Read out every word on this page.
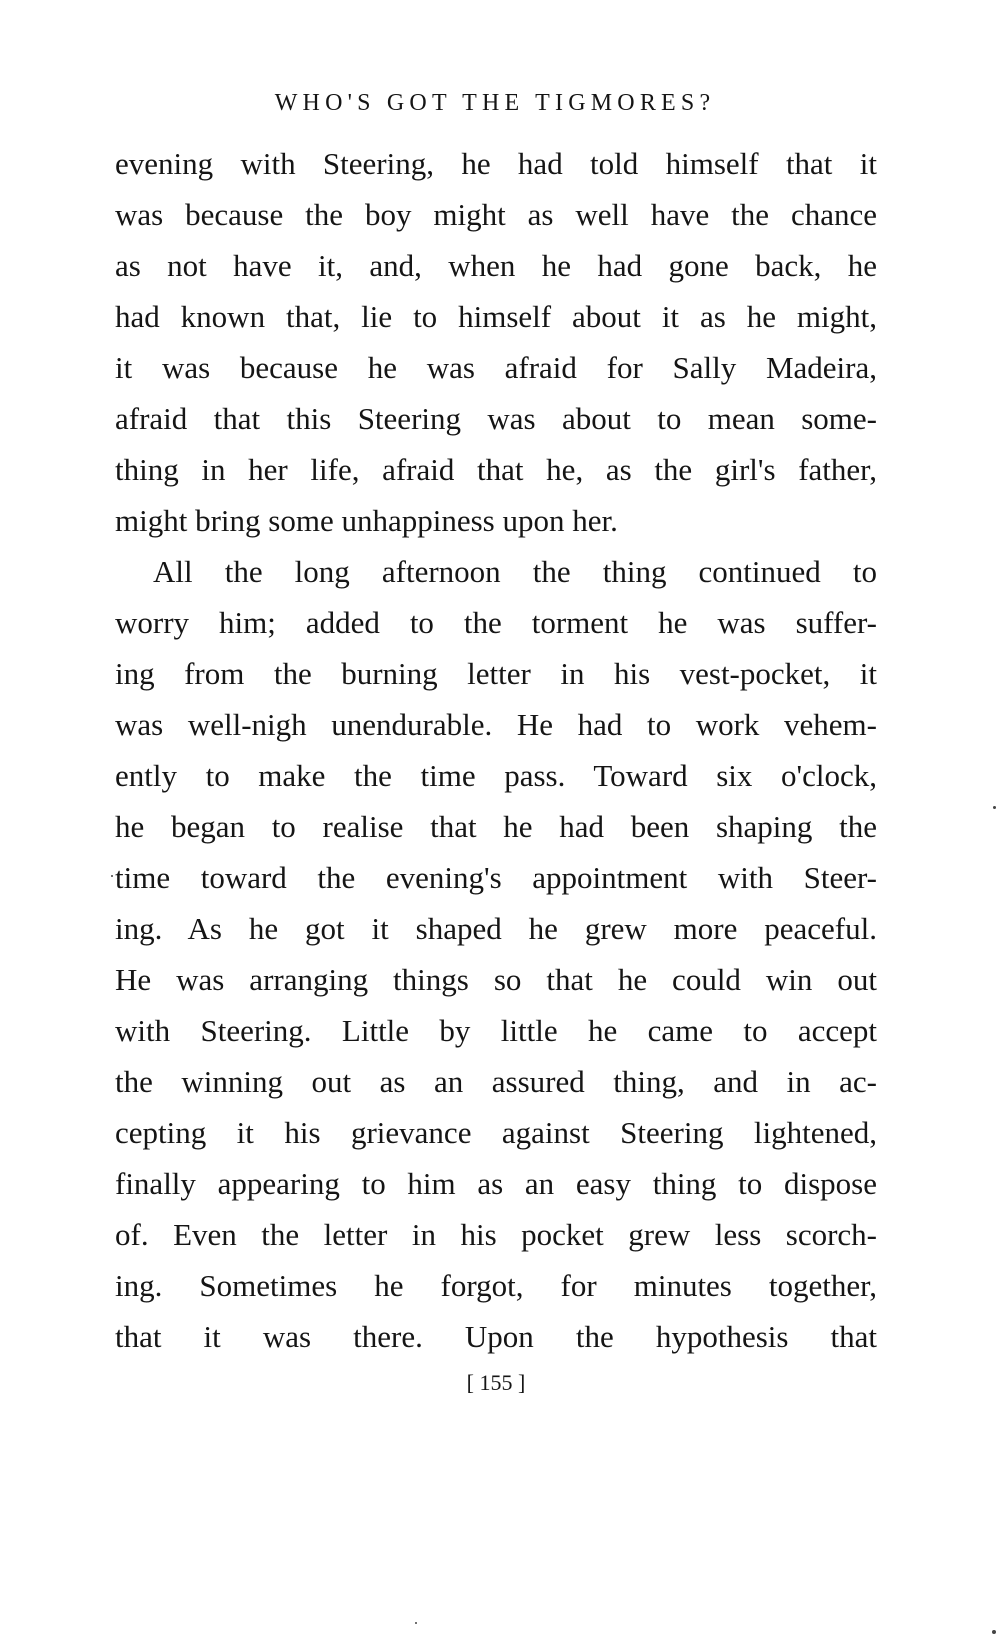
WHO'S GOT THE TIGMORES?
evening with Steering, he had told himself that it
was because the boy might as well have the chance
as not have it, and, when he had gone back, he
had known that, lie to himself about it as he might,
it was because he was afraid for Sally Madeira,
afraid that this Steering was about to mean some-
thing in her life, afraid that he, as the girl's father,
might bring some unhappiness upon her.
All the long afternoon the thing continued to
worry him; added to the torment he was suffer-
ing from the burning letter in his vest-pocket, it
was well-nigh unendurable. He had to work vehem-
ently to make the time pass. Toward six o'clock,
he began to realise that he had been shaping the
time toward the evening's appointment with Steer-
ing. As he got it shaped he grew more peaceful.
He was arranging things so that he could win out
with Steering. Little by little he came to accept
the winning out as an assured thing, and in ac-
cepting it his grievance against Steering lightened,
finally appearing to him as an easy thing to dispose
of. Even the letter in his pocket grew less scorch-
ing. Sometimes he forgot, for minutes together,
that it was there. Upon the hypothesis that
[ 155 ]
